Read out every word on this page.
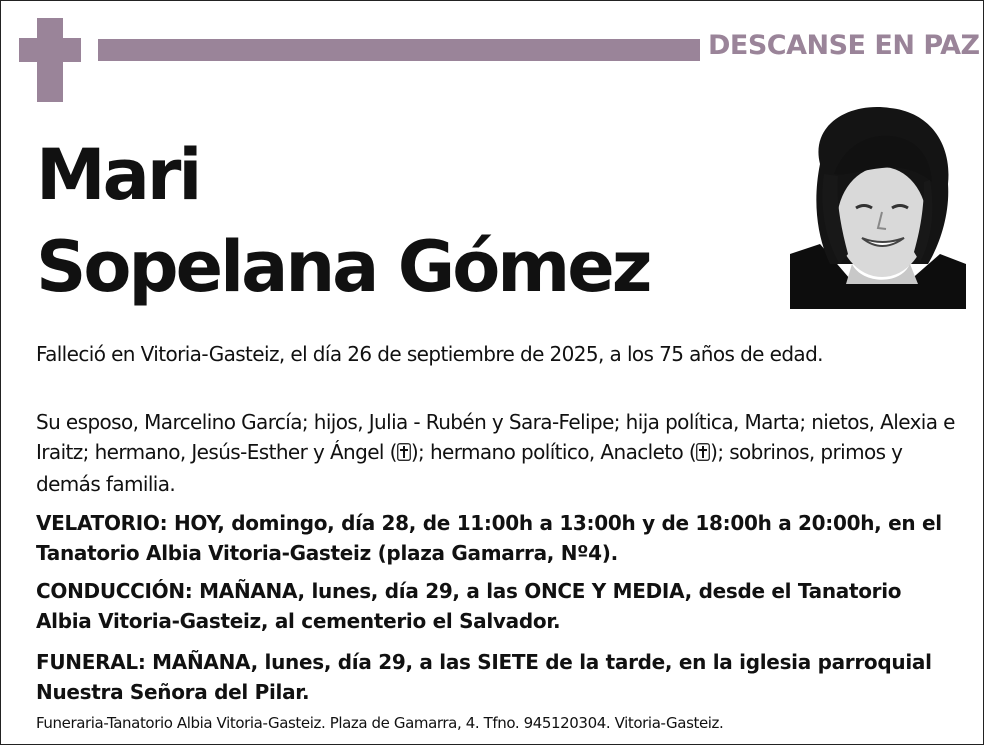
DESCANSE EN PAZ
Mari
Sopelana Gómez
Falleció en Vitoria-Gasteiz, el día 26 de septiembre de 2025, a los 75 años de edad.
Su esposo, Marcelino García; hijos, Julia - Rubén y Sara-Felipe; hija política, Marta; nietos, Alexia e Iraitz; hermano, Jesús-Esther y Ángel ( ); hermano político, Anacleto ( ); sobrinos, primos y demás familia.
VELATORIO: HOY, domingo, día 28, de 11:00h a 13:00h y de 18:00h a 20:00h, en el Tanatorio Albia Vitoria-Gasteiz (plaza Gamarra, Nº4).
CONDUCCIÓN: MAÑANA, lunes, día 29, a las ONCE Y MEDIA, desde el Tanatorio Albia Vitoria-Gasteiz, al cementerio el Salvador.
FUNERAL: MAÑANA, lunes, día 29, a las SIETE de la tarde, en la iglesia parroquial Nuestra Señora del Pilar.
Funeraria-Tanatorio Albia Vitoria-Gasteiz. Plaza de Gamarra, 4. Tfno. 945120304. Vitoria-Gasteiz.
